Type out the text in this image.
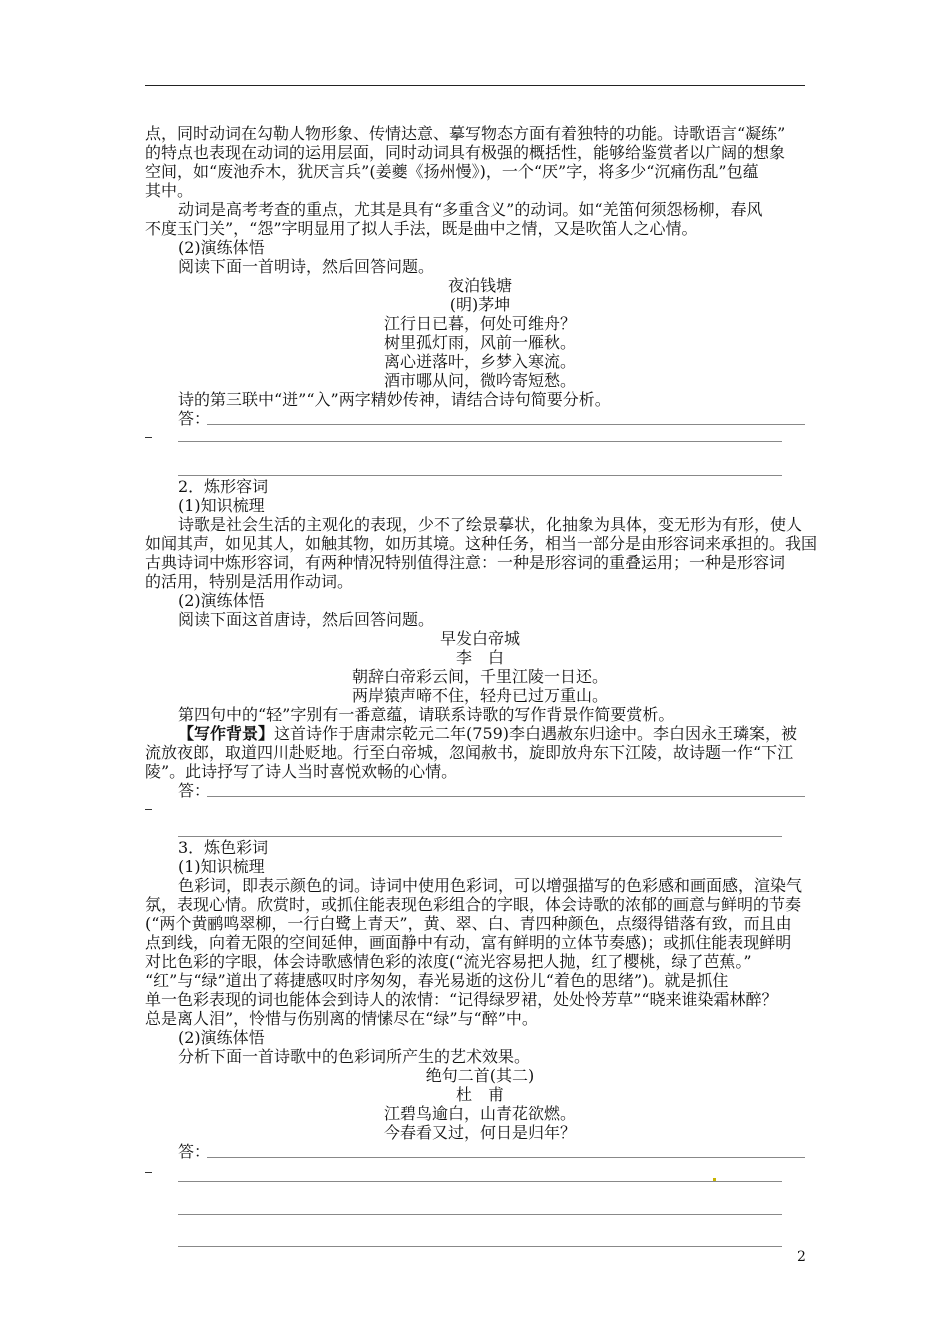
点，同时动词在勾勒人物形象、传情达意、摹写物态方面有着独特的功能。诗歌语言“凝练”
的特点也表现在动词的运用层面，同时动词具有极强的概括性，能够给鉴赏者以广阔的想象
空间，如“废池乔木，犹厌言兵”(姜夔《扬州慢》)，一个“厌”字，将多少“沉痛伤乱”包蕴
其中。
动词是高考考查的重点，尤其是具有“多重含义”的动词。如“羌笛何须怨杨柳，春风
不度玉门关”，“怨”字明显用了拟人手法，既是曲中之情，又是吹笛人之心情。
(2)演练体悟
阅读下面一首明诗，然后回答问题。
夜泊钱塘
(明)茅坤
江行日已暮，何处可维舟？
树里孤灯雨，风前一雁秋。
离心迸落叶，乡梦入寒流。
酒市哪从问，微吟寄短愁。
诗的第三联中“迸”“入”两字精妙传神，请结合诗句简要分析。
答：
2．炼形容词
(1)知识梳理
诗歌是社会生活的主观化的表现，少不了绘景摹状，化抽象为具体，变无形为有形，使人
如闻其声，如见其人，如触其物，如历其境。这种任务，相当一部分是由形容词来承担的。我国
古典诗词中炼形容词，有两种情况特别值得注意：一种是形容词的重叠运用；一种是形容词
的活用，特别是活用作动词。
(2)演练体悟
阅读下面这首唐诗，然后回答问题。
早发白帝城
李　白
朝辞白帝彩云间，千里江陵一日还。
两岸猿声啼不住，轻舟已过万重山。
第四句中的“轻”字别有一番意蕴，请联系诗歌的写作背景作简要赏析。
【写作背景】这首诗作于唐肃宗乾元二年(759)李白遇赦东归途中。李白因永王璘案，被
流放夜郎，取道四川赴贬地。行至白帝城，忽闻赦书，旋即放舟东下江陵，故诗题一作“下江
陵”。此诗抒写了诗人当时喜悦欢畅的心情。
答：
3．炼色彩词
(1)知识梳理
色彩词，即表示颜色的词。诗词中使用色彩词，可以增强描写的色彩感和画面感，渲染气
氛，表现心情。欣赏时，或抓住能表现色彩组合的字眼，体会诗歌的浓郁的画意与鲜明的节奏
(“两个黄鹂鸣翠柳，一行白鹭上青天”，黄、翠、白、青四种颜色，点缀得错落有致，而且由
点到线，向着无限的空间延伸，画面静中有动，富有鲜明的立体节奏感)；或抓住能表现鲜明
对比色彩的字眼，体会诗歌感情色彩的浓度(“流光容易把人抛，红了樱桃，绿了芭蕉。”
“红”与“绿”道出了蒋捷感叹时序匆匆，春光易逝的这份儿“着色的思绪”)。就是抓住
单一色彩表现的词也能体会到诗人的浓情：“记得绿罗裙，处处怜芳草”“晓来谁染霜林醉？
总是离人泪”，怜惜与伤别离的情愫尽在“绿”与“醉”中。
(2)演练体悟
分析下面一首诗歌中的色彩词所产生的艺术效果。
绝句二首(其二)
杜　甫
江碧鸟逾白，山青花欲燃。
今春看又过，何日是归年？
答：
2
